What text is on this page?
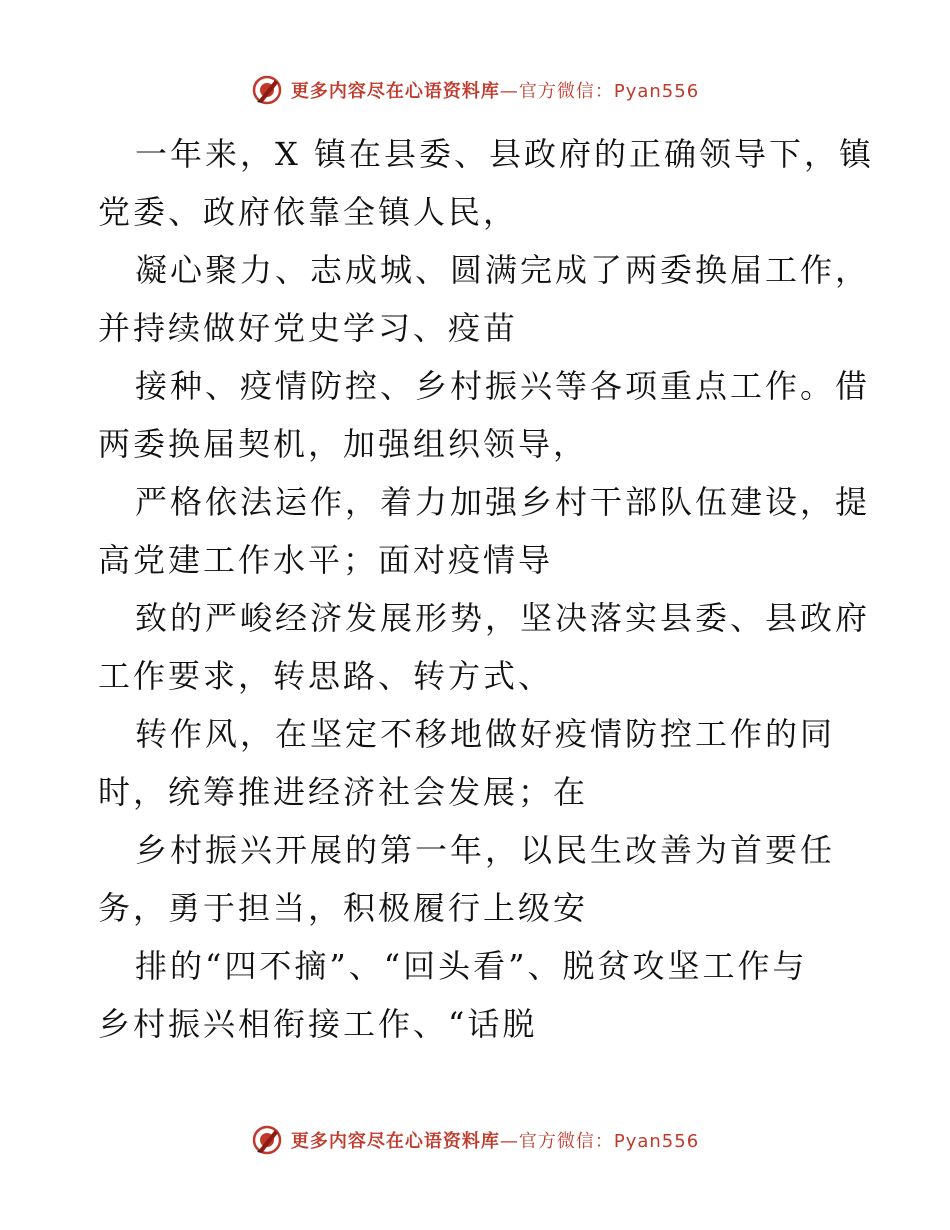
更多内容尽在心语资料库—官方微信：Pyan556
一年来，X 镇在县委、县政府的正确领导下，镇
党委、政府依靠全镇人民，
凝心聚力、志成城、圆满完成了两委换届工作，
并持续做好党史学习、疫苗
接种、疫情防控、乡村振兴等各项重点工作。借
两委换届契机，加强组织领导，
严格依法运作，着力加强乡村干部队伍建设，提
高党建工作水平；面对疫情导
致的严峻经济发展形势，坚决落实县委、县政府
工作要求，转思路、转方式、
转作风，在坚定不移地做好疫情防控工作的同
时，统筹推进经济社会发展；在
乡村振兴开展的第一年，以民生改善为首要任
务，勇于担当，积极履行上级安
排的“四不摘”、“回头看”、脱贫攻坚工作与
乡村振兴相衔接工作、“话脱
更多内容尽在心语资料库—官方微信：Pyan556
